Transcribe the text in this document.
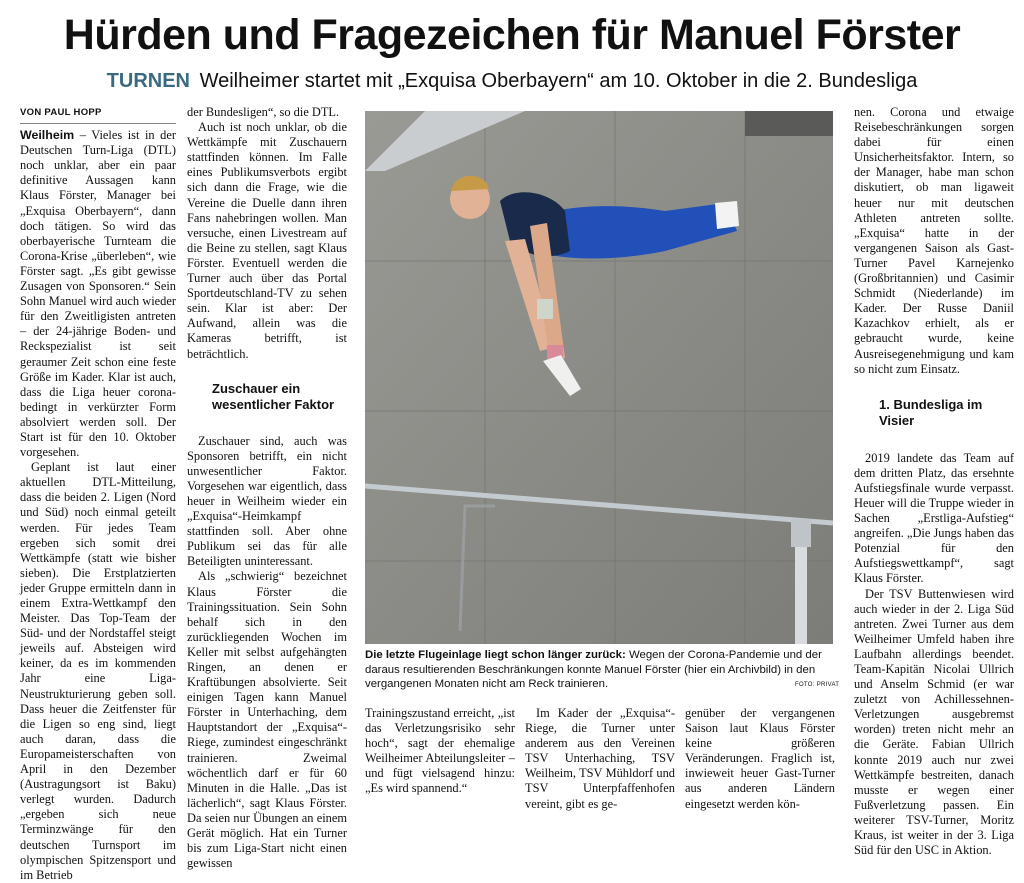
Hürden und Fragezeichen für Manuel Förster
TURNEN Weilheimer startet mit „Exquisa Oberbayern“ am 10. Oktober in die 2. Bundesliga
VON PAUL HOPP

Weilheim – Vieles ist in der Deutschen Turn-Liga (DTL) noch unklar, aber ein paar definitive Aussagen kann Klaus Förster, Manager bei „Exquisa Oberbayern“, dann doch tätigen. So wird das oberbayerische Turnteam die Corona-Krise „überleben“, wie Förster sagt. „Es gibt gewisse Zusagen von Sponsoren.“ Sein Sohn Manuel wird auch wieder für den Zweitligisten antreten – der 24-jährige Boden- und Reckspezialist ist seit geraumer Zeit schon eine feste Größe im Kader. Klar ist auch, dass die Liga heuer corona-bedingt in verkürzter Form absolviert werden soll. Der Start ist für den 10. Oktober vorgesehen.

Geplant ist laut einer aktuellen DTL-Mitteilung, dass die beiden 2. Ligen (Nord und Süd) noch einmal geteilt werden. Für jedes Team ergeben sich somit drei Wettkämpfe (statt wie bisher sieben). Die Erstplatzierten jeder Gruppe ermitteln dann in einem Extra-Wettkampf den Meister. Das Top-Team der Süd- und der Nordstaffel steigt jeweils auf. Absteigen wird keiner, da es im kommenden Jahr eine Liga-Neustrukturierung geben soll. Dass heuer die Zeitfenster für die Ligen so eng sind, liegt auch daran, dass die Europameisterschaften von April in den Dezember (Austragungsort ist Baku) verlegt wurden. Dadurch „ergeben sich neue Terminzwänge für den deutschen Turnsport im olympischen Spitzensport und im Betrieb

der Bundesligen“, so die DTL.

Auch ist noch unklar, ob die Wettkämpfe mit Zuschauern stattfinden können. Im Falle eines Publikumsverbots ergibt sich dann die Frage, wie die Vereine die Duelle dann ihren Fans nahebringen wollen. Man versuche, einen Livestream auf die Beine zu stellen, sagt Klaus Förster. Eventuell werden die Turner auch über das Portal Sportdeutschland-TV zu sehen sein. Klar ist aber: Der Aufwand, allein was die Kameras betrifft, ist beträchtlich.

Zuschauer ein wesentlicher Faktor

Zuschauer sind, auch was Sponsoren betrifft, ein nicht unwesentlicher Faktor. Vorgesehen war eigentlich, dass heuer in Weilheim wieder ein „Exquisa“-Heimkampf stattfinden soll. Aber ohne Publikum sei das für alle Beteiligten uninteressant.

Als „schwierig“ bezeichnet Klaus Förster die Trainingssituation. Sein Sohn behalf sich in den zurückliegenden Wochen im Keller mit selbst aufgehängten Ringen, an denen er Kraftübungen absolvierte. Seit einigen Tagen kann Manuel Förster in Unterhaching, dem Hauptstandort der „Exquisa“-Riege, zumindest eingeschränkt trainieren. Zweimal wöchentlich darf er für 60 Minuten in die Halle. „Das ist lächerlich“, sagt Klaus Förster. Da seien nur Übungen an einem Gerät möglich. Hat ein Turner bis zum Liga-Start nicht einen gewissen

Die letzte Flugeinlage liegt schon länger zurück: Wegen der Corona-Pandemie und der daraus resultierenden Beschränkungen konnte Manuel Förster (hier ein Archivbild) in den vergangenen Monaten nicht am Reck trainieren.	FOTO: PRIVAT

Trainingszustand erreicht, „ist das Verletzungsrisiko sehr hoch“, sagt der ehemalige Weilheimer Abteilungsleiter – und fügt vielsagend hinzu: „Es wird spannend.“

Im Kader der „Exquisa“-Riege, die Turner unter anderem aus den Vereinen TSV Unterhaching, TSV Weilheim, TSV Mühldorf und TSV Unterpfaffenhofen vereint, gibt es ge-

genüber der vergangenen Saison laut Klaus Förster keine größeren Veränderungen. Fraglich ist, inwieweit heuer Gast-Turner aus anderen Ländern eingesetzt werden kön-

nen. Corona und etwaige Reisebeschränkungen sorgen dabei für einen Unsicherheitsfaktor. Intern, so der Manager, habe man schon diskutiert, ob man ligaweit heuer nur mit deutschen Athleten antreten sollte. „Exquisa“ hatte in der vergangenen Saison als Gast-Turner Pavel Karnejenko (Großbritannien) und Casimir Schmidt (Niederlande) im Kader. Der Russe Daniil Kazachkov erhielt, als er gebraucht wurde, keine Ausreisegenehmigung und kam so nicht zum Einsatz.

1. Bundesliga im Visier

2019 landete das Team auf dem dritten Platz, das ersehnte Aufstiegsfinale wurde verpasst. Heuer will die Truppe wieder in Sachen „Erstliga-Aufstieg“ angreifen. „Die Jungs haben das Potenzial für den Aufstiegswettkampf“, sagt Klaus Förster.

Der TSV Buttenwiesen wird auch wieder in der 2. Liga Süd antreten. Zwei Turner aus dem Weilheimer Umfeld haben ihre Laufbahn allerdings beendet. Team-Kapitän Nicolai Ullrich und Anselm Schmid (er war zuletzt von Achillessehnen-Verletzungen ausgebremst worden) treten nicht mehr an die Geräte. Fabian Ullrich konnte 2019 auch nur zwei Wettkämpfe bestreiten, danach musste er wegen einer Fußverletzung passen. Ein weiterer TSV-Turner, Moritz Kraus, ist weiter in der 3. Liga Süd für den USC in Aktion.
